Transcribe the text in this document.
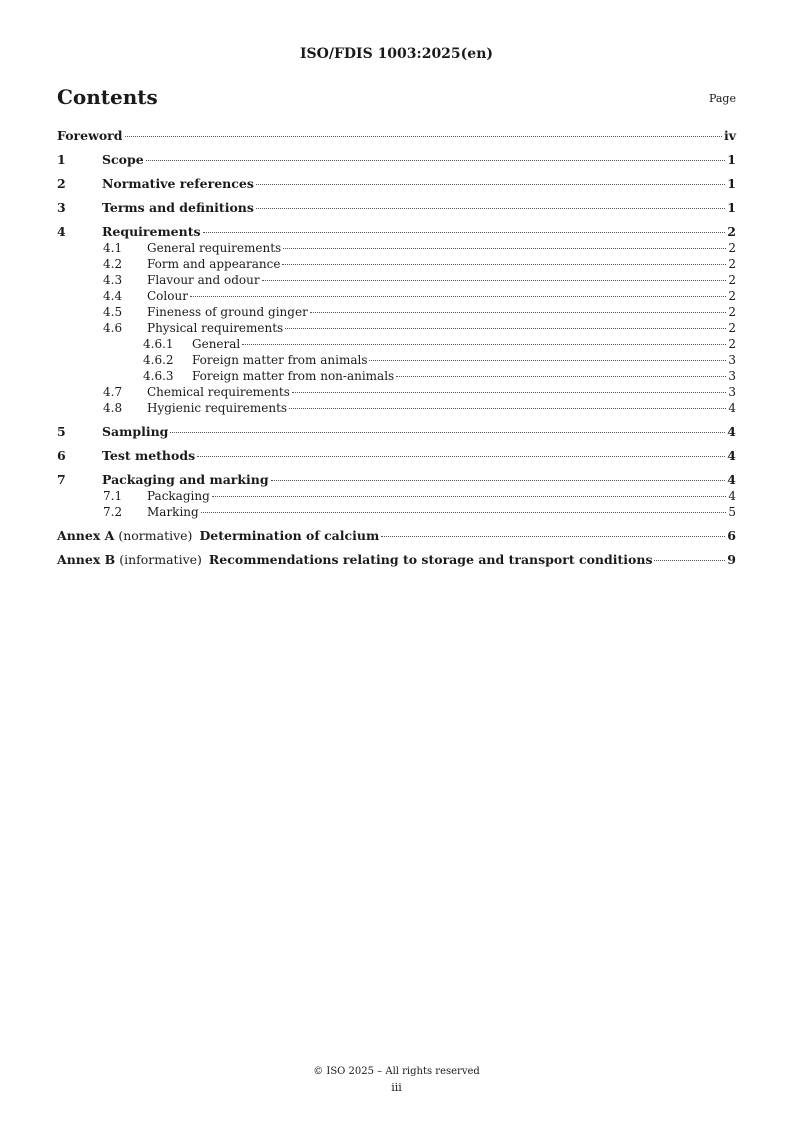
ISO/FDIS 1003:2025(en)
Contents	Page
Foreword	iv
1	Scope	1
2	Normative references	1
3	Terms and definitions	1
4	Requirements	2
4.1	General requirements	2
4.2	Form and appearance	2
4.3	Flavour and odour	2
4.4	Colour	2
4.5	Fineness of ground ginger	2
4.6	Physical requirements	2
4.6.1	General	2
4.6.2	Foreign matter from animals	3
4.6.3	Foreign matter from non-animals	3
4.7	Chemical requirements	3
4.8	Hygienic requirements	4
5	Sampling	4
6	Test methods	4
7	Packaging and marking	4
7.1	Packaging	4
7.2	Marking	5
Annex A (normative) Determination of calcium	6
Annex B (informative) Recommendations relating to storage and transport conditions	9
© ISO 2025 – All rights reserved
iii
